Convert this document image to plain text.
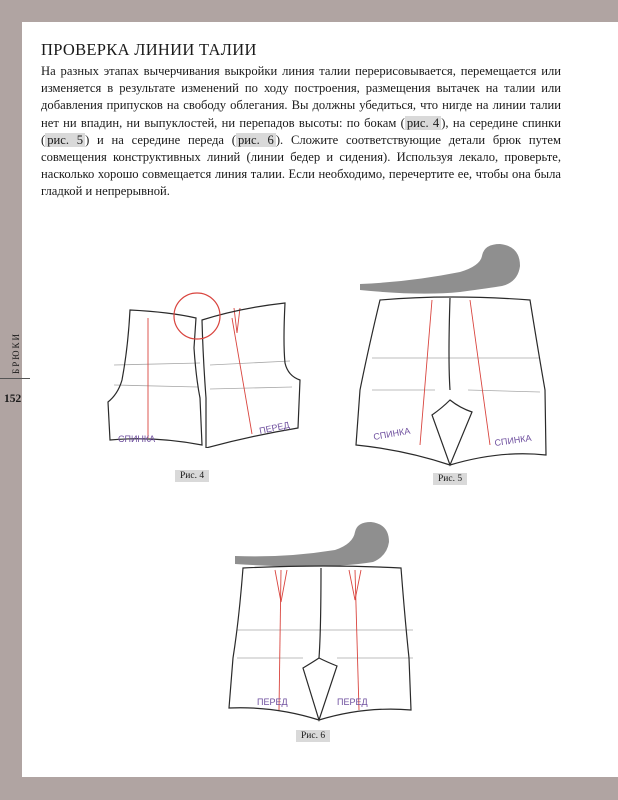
ПРОВЕРКА ЛИНИИ ТАЛИИ

На разных этапах вычерчивания выкройки линия талии перерисовывается, перемещается или изменяется в результате изменений по ходу построения, размещения вытачек на талии или добавления припусков на свободу облегания. Вы должны убедиться, что нигде на линии талии нет ни впадин, ни выпуклостей, ни перепадов высоты: по бокам ( рис. 4 ), на середине спинки ( рис. 5 ) и на середине переда ( рис. 6 ). Сложите соответствующие детали брюк путем совмещения конструктивных линий (линии бедер и сидения). Используя лекало, проверьте, насколько хорошо совмещается линия талии. Если необходимо, перечертите ее, чтобы она была гладкой и непрерывной.

БРЮКИ
152
СПИНКА
ПЕРЕД
Рис. 4
СПИНКА	СПИНКА
Рис. 5
ПЕРЕД	ПЕРЕД
Рис. 6
